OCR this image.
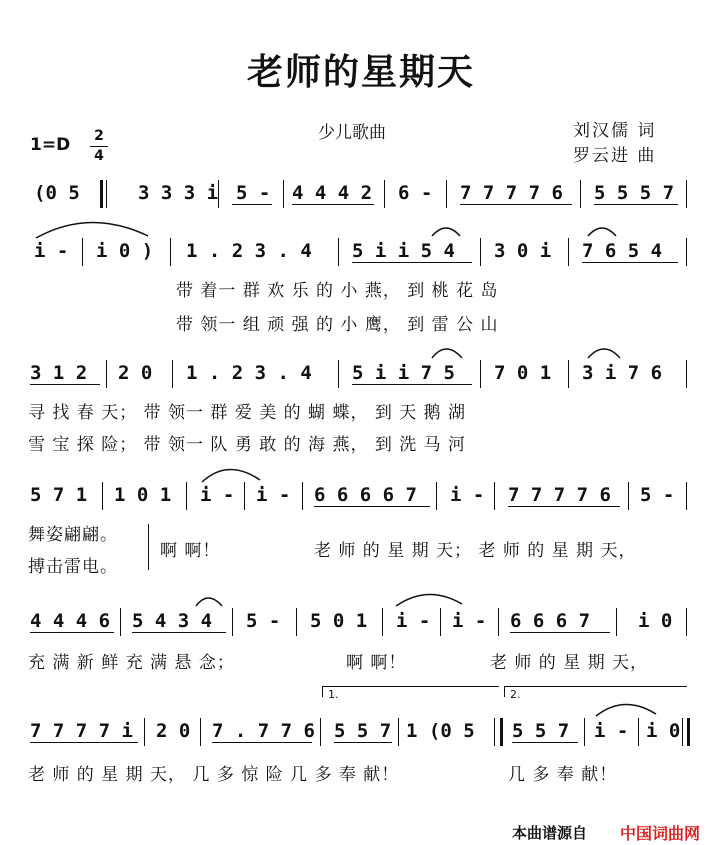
老师的星期天
少儿歌曲	刘汉儒 词
罗云进 曲
1=D 2
4
(0 5	3 3 3 i 5 - 4 4 4 2 6 - 7 7 7 7 6 5 5 5 7
i - i 0 ) 1 . 2 3 . 4 5 i i 5 4 3 0 i 7 6 5 4
带 着一 群 欢 乐 的 小 燕， 到 桃 花 岛
带 领一 组 顽 强 的 小 鹰， 到 雷 公 山
3 1 2 2 0 1 . 2 3 . 4 5 i i 7 5 7 0 1 3 i 7 6
寻 找 春 天； 带 领一 群 爱 美 的 蝴 蝶， 到 天 鹅 湖
雪 宝 探 险； 带 领一 队 勇 敢 的 海 燕， 到 洗 马 河
5 7 1 1 0 1 i - i - 6 6 6 6 7 i - 7 7 7 7 6 5 -
舞姿翩翩。
搏击雷电。
啊 啊！	老 师 的 星 期 天； 老 师 的 星 期 天，
4 4 4 6 5 4 3 4 5 - 5 0 1 i - i - 6 6 6 7	i 0
充 满 新 鲜 充 满 悬 念；	啊 啊！	老 师 的 星 期 天，
1.	2.
7 7 7 7 i 2 0 7 . 7 7 6 5 5 7 1 (0 5 5 5 7 i - i 0
老 师 的 星 期 天， 几 多 惊 险 几 多 奉 献！	几 多 奉 献！
本曲谱源自 中国词曲网
